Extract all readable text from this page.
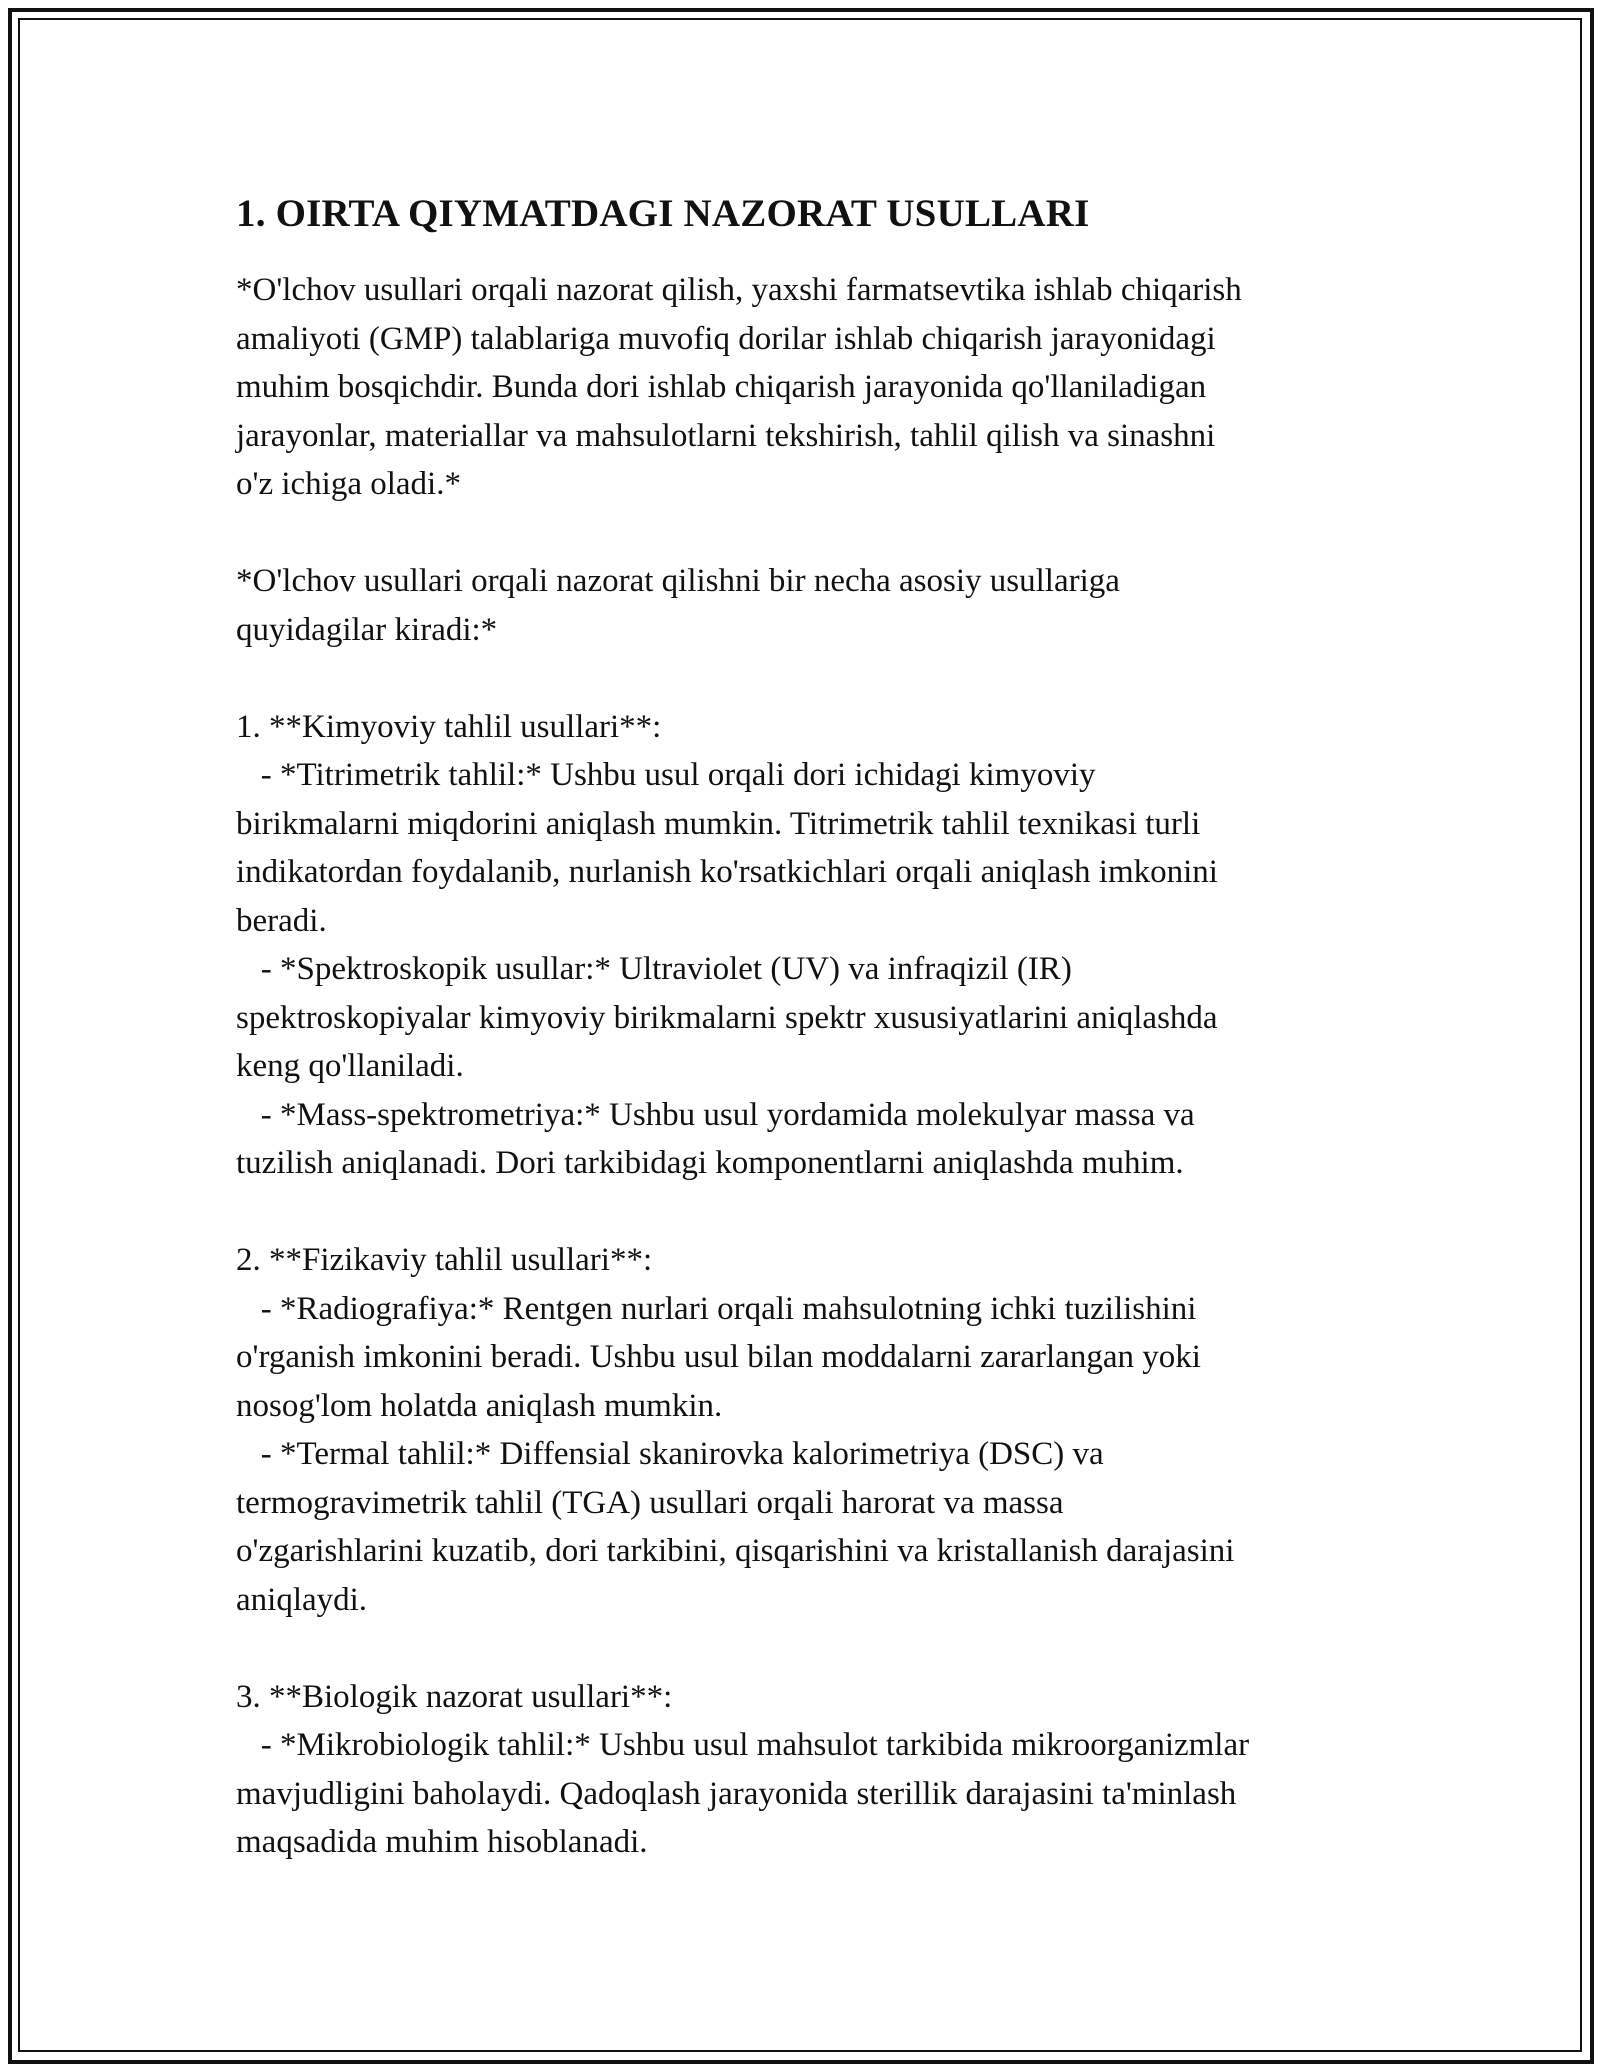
1. OIRTA QIYMATDAGI NAZORAT USULLARI
*O'lchov usullari orqali nazorat qilish, yaxshi farmatsevtika ishlab chiqarish
amaliyoti (GMP) talablariga muvofiq dorilar ishlab chiqarish jarayonidagi
muhim bosqichdir. Bunda dori ishlab chiqarish jarayonida qo'llaniladigan
jarayonlar, materiallar va mahsulotlarni tekshirish, tahlil qilish va sinashni
o'z ichiga oladi.*
*O'lchov usullari orqali nazorat qilishni bir necha asosiy usullariga
quyidagilar kiradi:*
1. **Kimyoviy tahlil usullari**:
- *Titrimetrik tahlil:* Ushbu usul orqali dori ichidagi kimyoviy
birikmalarni miqdorini aniqlash mumkin. Titrimetrik tahlil texnikasi turli
indikatordan foydalanib, nurlanish ko'rsatkichlari orqali aniqlash imkonini
beradi.
- *Spektroskopik usullar:* Ultraviolet (UV) va infraqizil (IR)
spektroskopiyalar kimyoviy birikmalarni spektr xususiyatlarini aniqlashda
keng qo'llaniladi.
- *Mass-spektrometriya:* Ushbu usul yordamida molekulyar massa va
tuzilish aniqlanadi. Dori tarkibidagi komponentlarni aniqlashda muhim.
2. **Fizikaviy tahlil usullari**:
- *Radiografiya:* Rentgen nurlari orqali mahsulotning ichki tuzilishini
o'rganish imkonini beradi. Ushbu usul bilan moddalarni zararlangan yoki
nosog'lom holatda aniqlash mumkin.
- *Termal tahlil:* Diffensial skanirovka kalorimetriya (DSC) va
termogravimetrik tahlil (TGA) usullari orqali harorat va massa
o'zgarishlarini kuzatib, dori tarkibini, qisqarishini va kristallanish darajasini
aniqlaydi.
3. **Biologik nazorat usullari**:
- *Mikrobiologik tahlil:* Ushbu usul mahsulot tarkibida mikroorganizmlar
mavjudligini baholaydi. Qadoqlash jarayonida sterillik darajasini ta'minlash
maqsadida muhim hisoblanadi.
